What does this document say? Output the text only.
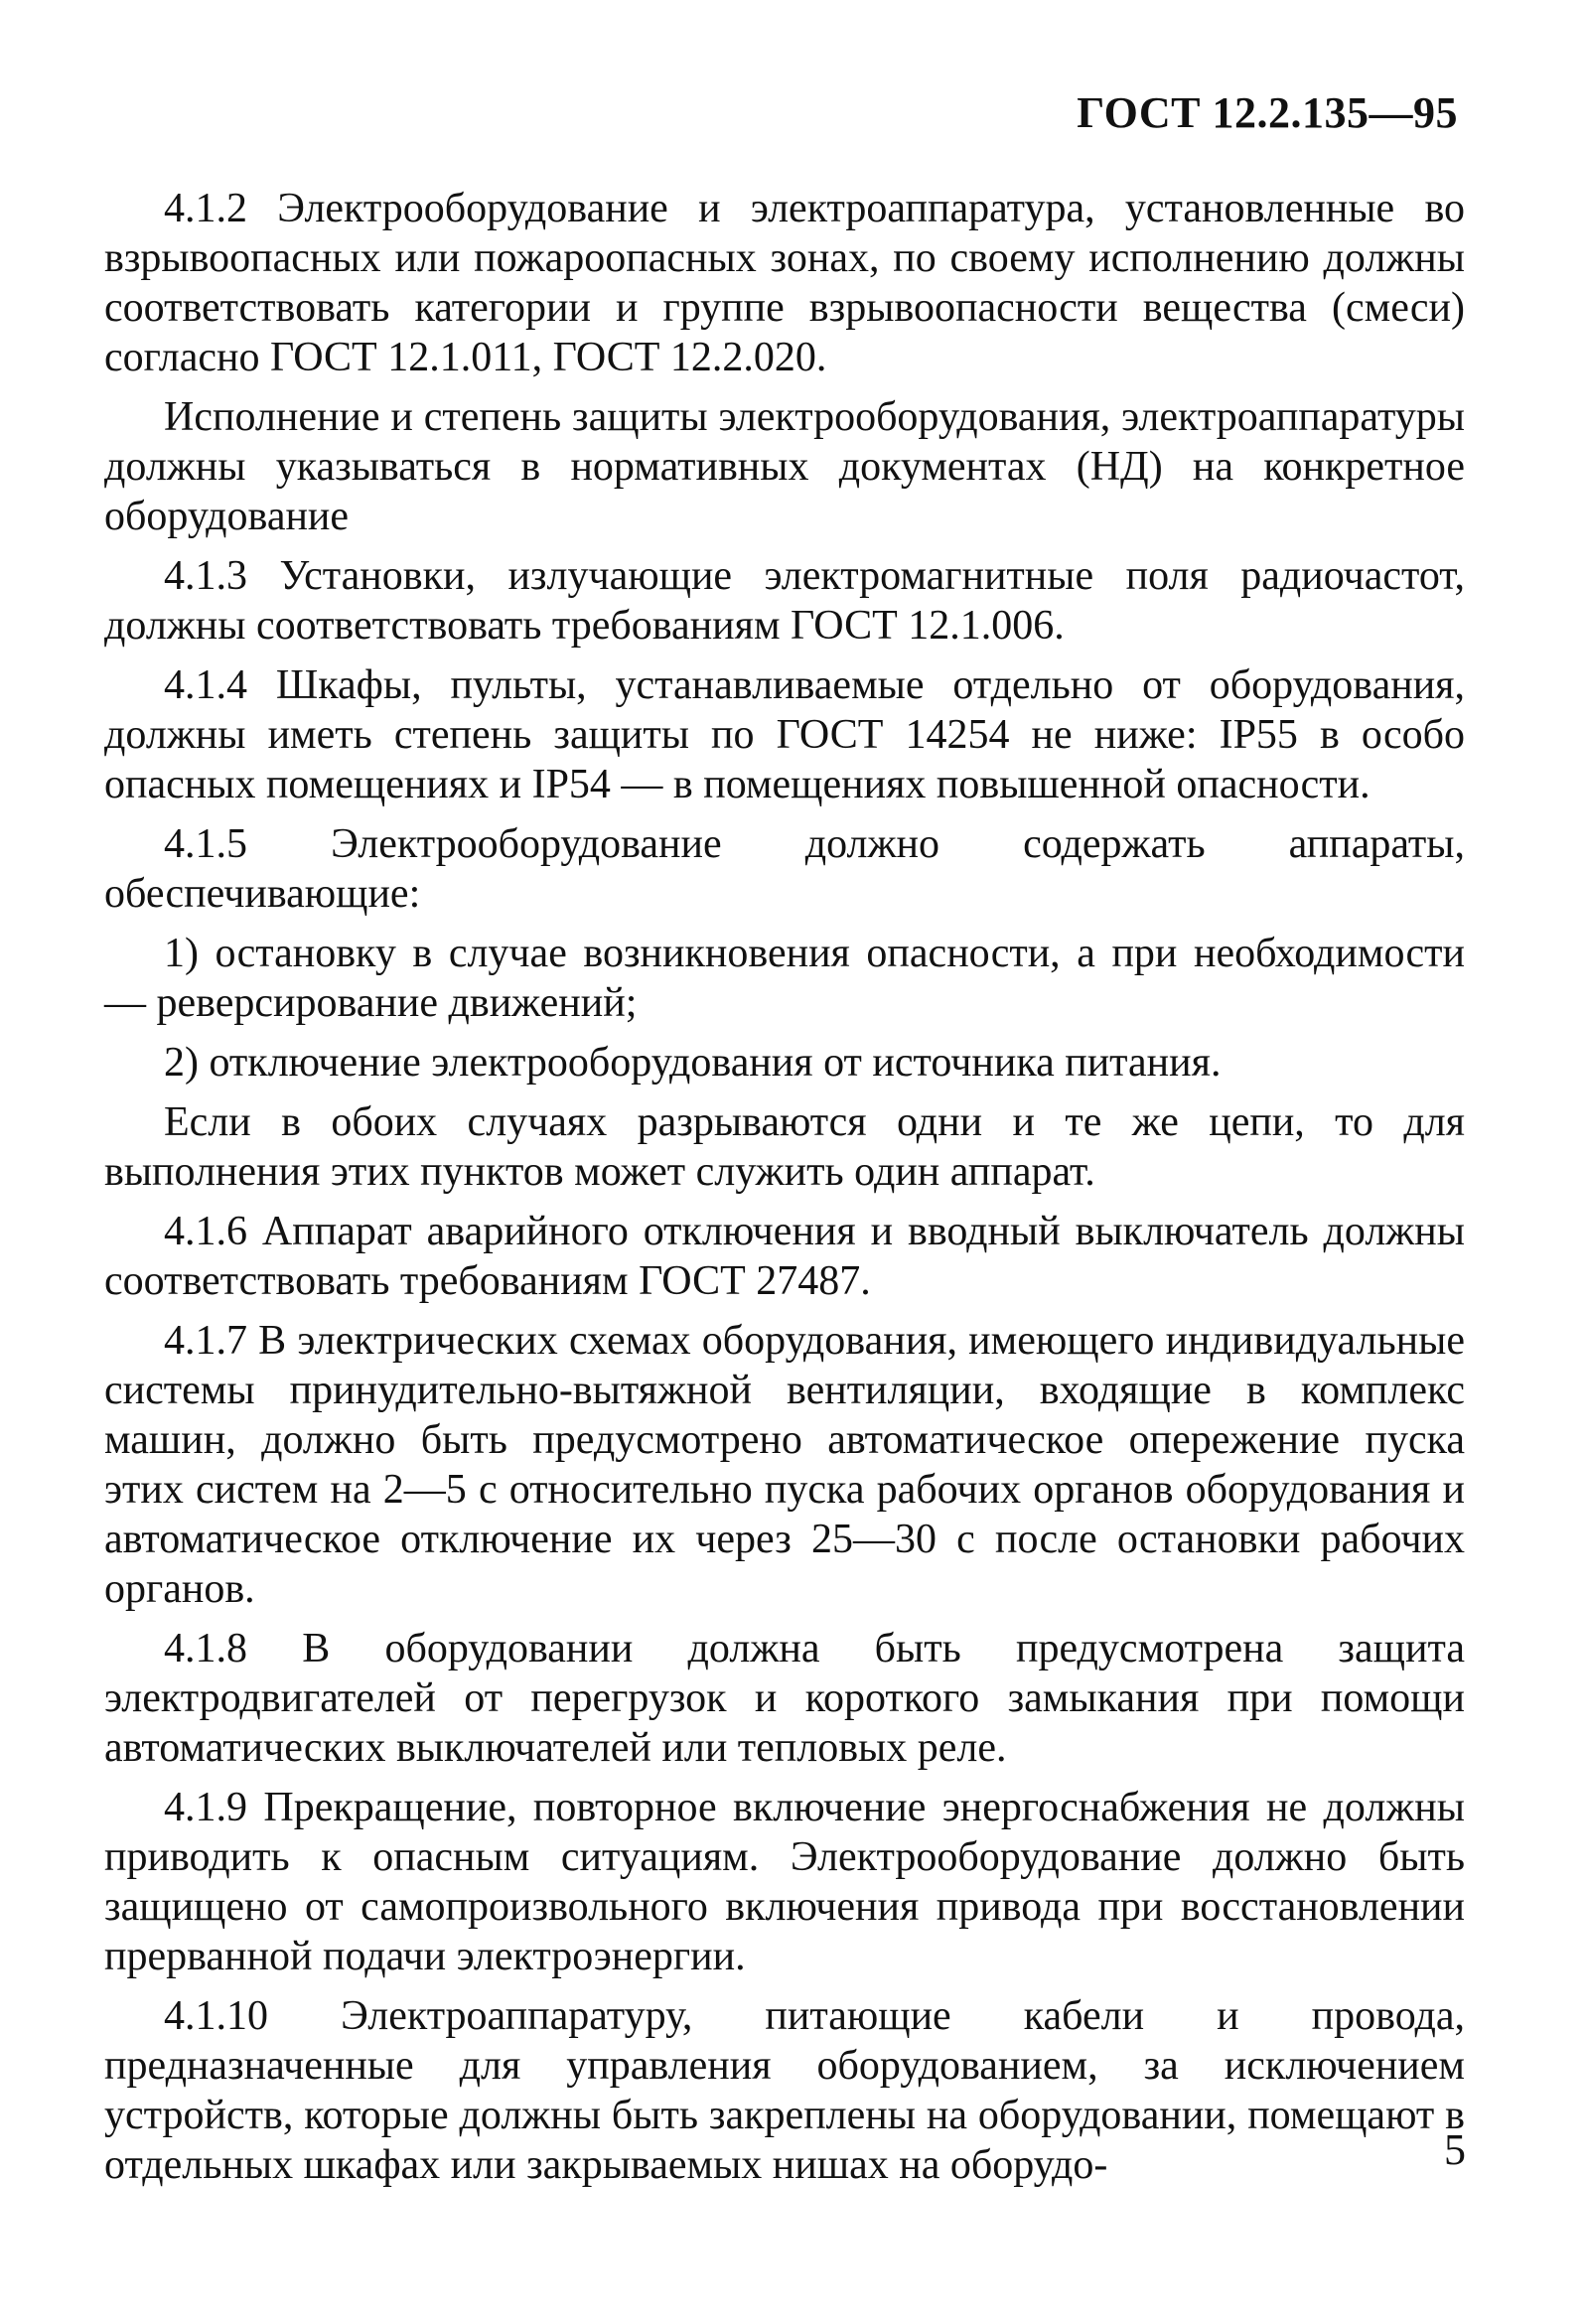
ГОСТ 12.2.135—95

4.1.2 Электрооборудование и электроаппаратура, установленные во взрывоопасных или пожароопасных зонах, по своему исполнению должны соответствовать категории и группе взрывоопасности вещества (смеси) согласно ГОСТ 12.1.011, ГОСТ 12.2.020.

Исполнение и степень защиты электрооборудования, электроаппаратуры должны указываться в нормативных документах (НД) на конкретное оборудование

4.1.3 Установки, излучающие электромагнитные поля радиочастот, должны соответствовать требованиям ГОСТ 12.1.006.

4.1.4 Шкафы, пульты, устанавливаемые отдельно от оборудования, должны иметь степень защиты по ГОСТ 14254 не ниже: IP55 в особо опасных помещениях и IP54 — в помещениях повышенной опасности.

4.1.5 Электрооборудование должно содержать аппараты, обеспечивающие:

1) остановку в случае возникновения опасности, а при необходимости — реверсирование движений;

2) отключение электрооборудования от источника питания.

Если в обоих случаях разрываются одни и те же цепи, то для выполнения этих пунктов может служить один аппарат.

4.1.6 Аппарат аварийного отключения и вводный выключатель должны соответствовать требованиям ГОСТ 27487.

4.1.7 В электрических схемах оборудования, имеющего индивидуальные системы принудительно-вытяжной вентиляции, входящие в комплекс машин, должно быть предусмотрено автоматическое опережение пуска этих систем на 2—5 с относительно пуска рабочих органов оборудования и автоматическое отключение их через 25—30 с после остановки рабочих органов.

4.1.8 В оборудовании должна быть предусмотрена защита электродвигателей от перегрузок и короткого замыкания при помощи автоматических выключателей или тепловых реле.

4.1.9 Прекращение, повторное включение энергоснабжения не должны приводить к опасным ситуациям. Электрооборудование должно быть защищено от самопроизвольного включения привода при восстановлении прерванной подачи электроэнергии.

4.1.10 Электроаппаратуру, питающие кабели и провода, предназначенные для управления оборудованием, за исключением устройств, которые должны быть закреплены на оборудовании, помещают в отдельных шкафах или закрываемых нишах на оборудо-	5
